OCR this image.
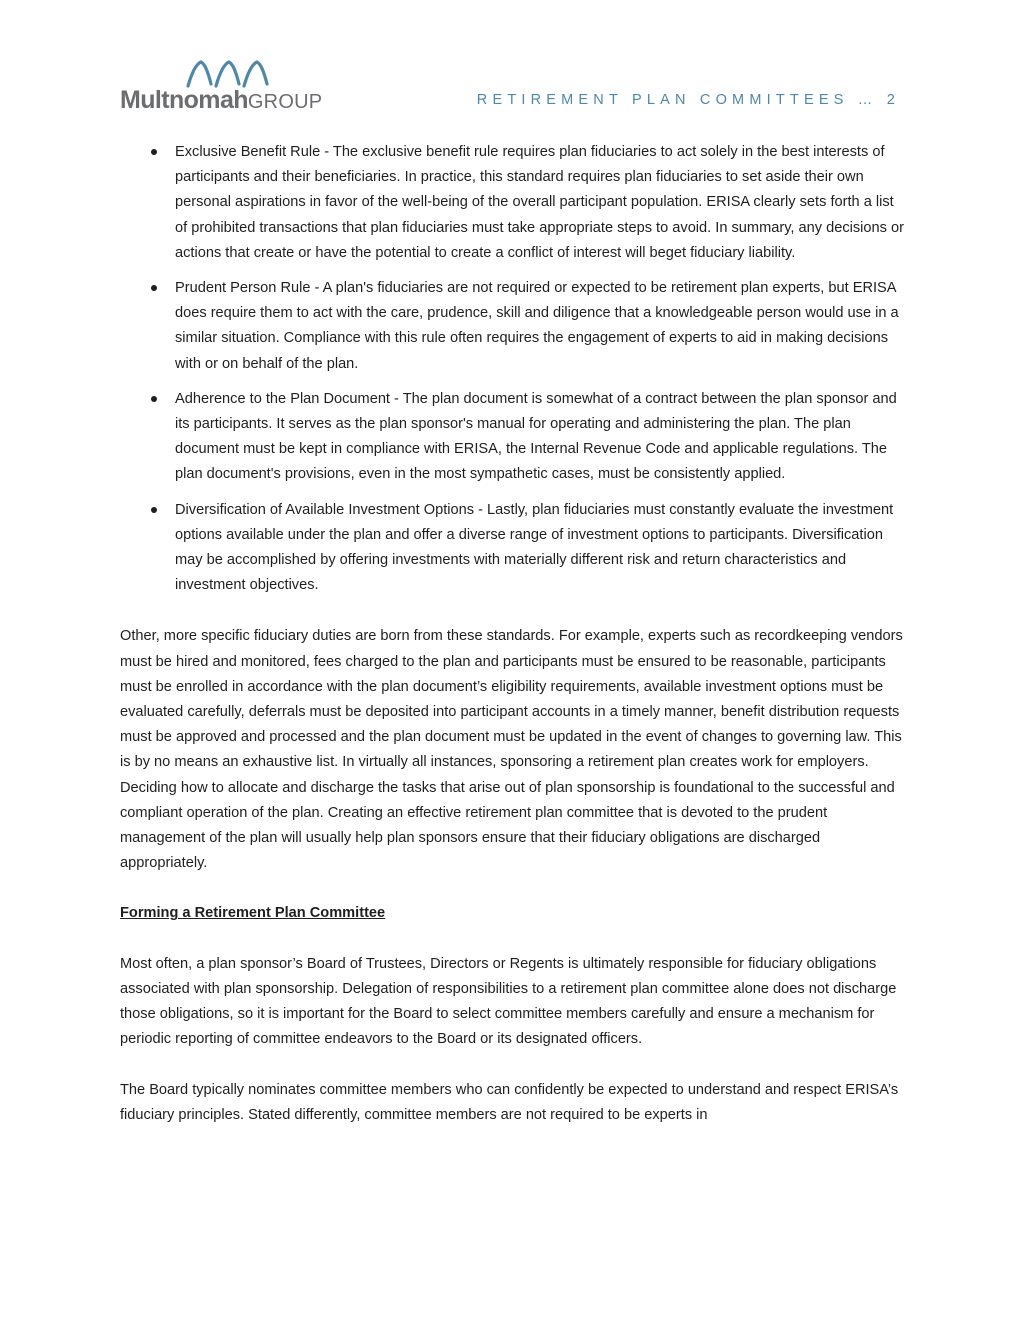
MultnomahGROUP	RETIREMENT PLAN COMMITTEES … 2
Exclusive Benefit Rule - The exclusive benefit rule requires plan fiduciaries to act solely in the best interests of participants and their beneficiaries. In practice, this standard requires plan fiduciaries to set aside their own personal aspirations in favor of the well-being of the overall participant population. ERISA clearly sets forth a list of prohibited transactions that plan fiduciaries must take appropriate steps to avoid. In summary, any decisions or actions that create or have the potential to create a conflict of interest will beget fiduciary liability.
Prudent Person Rule - A plan's fiduciaries are not required or expected to be retirement plan experts, but ERISA does require them to act with the care, prudence, skill and diligence that a knowledgeable person would use in a similar situation. Compliance with this rule often requires the engagement of experts to aid in making decisions with or on behalf of the plan.
Adherence to the Plan Document - The plan document is somewhat of a contract between the plan sponsor and its participants. It serves as the plan sponsor's manual for operating and administering the plan. The plan document must be kept in compliance with ERISA, the Internal Revenue Code and applicable regulations. The plan document's provisions, even in the most sympathetic cases, must be consistently applied.
Diversification of Available Investment Options - Lastly, plan fiduciaries must constantly evaluate the investment options available under the plan and offer a diverse range of investment options to participants. Diversification may be accomplished by offering investments with materially different risk and return characteristics and investment objectives.

Other, more specific fiduciary duties are born from these standards. For example, experts such as recordkeeping vendors must be hired and monitored, fees charged to the plan and participants must be ensured to be reasonable, participants must be enrolled in accordance with the plan document’s eligibility requirements, available investment options must be evaluated carefully, deferrals must be deposited into participant accounts in a timely manner, benefit distribution requests must be approved and processed and the plan document must be updated in the event of changes to governing law. This is by no means an exhaustive list. In virtually all instances, sponsoring a retirement plan creates work for employers. Deciding how to allocate and discharge the tasks that arise out of plan sponsorship is foundational to the successful and compliant operation of the plan. Creating an effective retirement plan committee that is devoted to the prudent management of the plan will usually help plan sponsors ensure that their fiduciary obligations are discharged appropriately.

Forming a Retirement Plan Committee

Most often, a plan sponsor’s Board of Trustees, Directors or Regents is ultimately responsible for fiduciary obligations associated with plan sponsorship. Delegation of responsibilities to a retirement plan committee alone does not discharge those obligations, so it is important for the Board to select committee members carefully and ensure a mechanism for periodic reporting of committee endeavors to the Board or its designated officers.

The Board typically nominates committee members who can confidently be expected to understand and respect ERISA’s fiduciary principles. Stated differently, committee members are not required to be experts in
